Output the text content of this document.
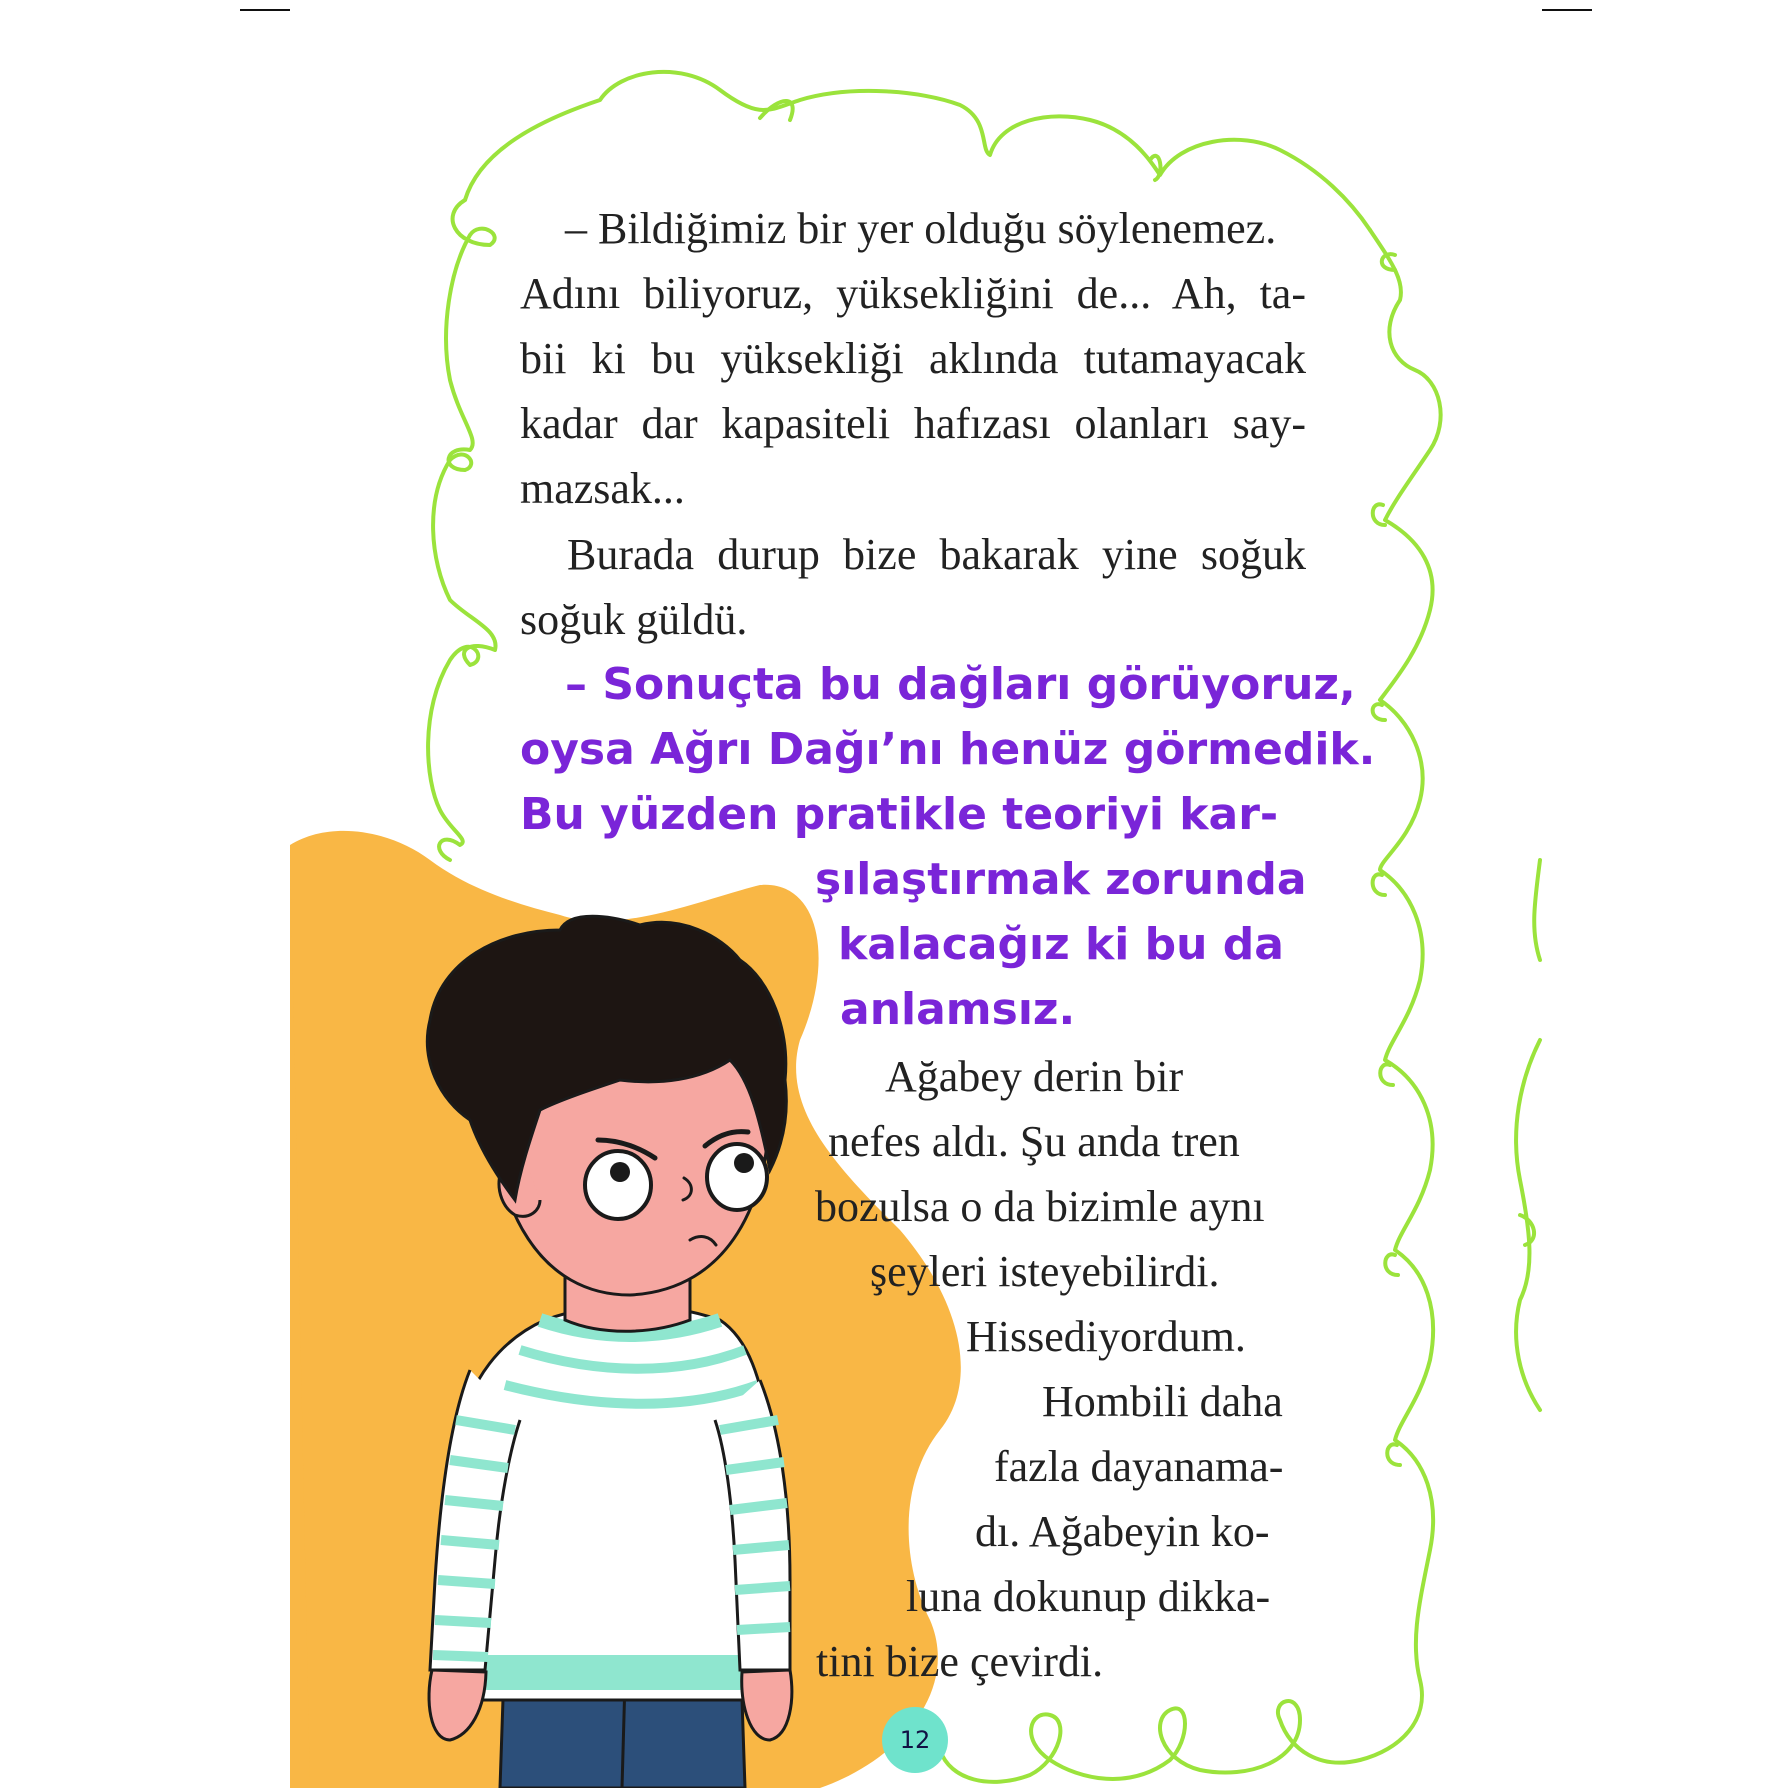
– Bildiğimiz bir yer olduğu söylenemez.
Adını biliyoruz, yüksekliğini de... Ah, ta-
bii ki bu yüksekliği aklında tutamayacak
kadar dar kapasiteli hafızası olanları say-
mazsak...
Burada durup bize bakarak yine soğuk
soğuk güldü.
– Sonuçta bu dağları görüyoruz,
oysa Ağrı Dağı’nı henüz görmedik.
Bu yüzden pratikle teoriyi kar-
şılaştırmak zorunda
kalacağız ki bu da
anlamsız.
Ağabey derin bir
nefes aldı. Şu anda tren
bozulsa o da bizimle aynı
şeyleri isteyebilirdi.
Hissediyordum.
Hombili daha
fazla dayanama-
dı. Ağabeyin ko-
luna dokunup dikka-
tini bize çevirdi.
12
